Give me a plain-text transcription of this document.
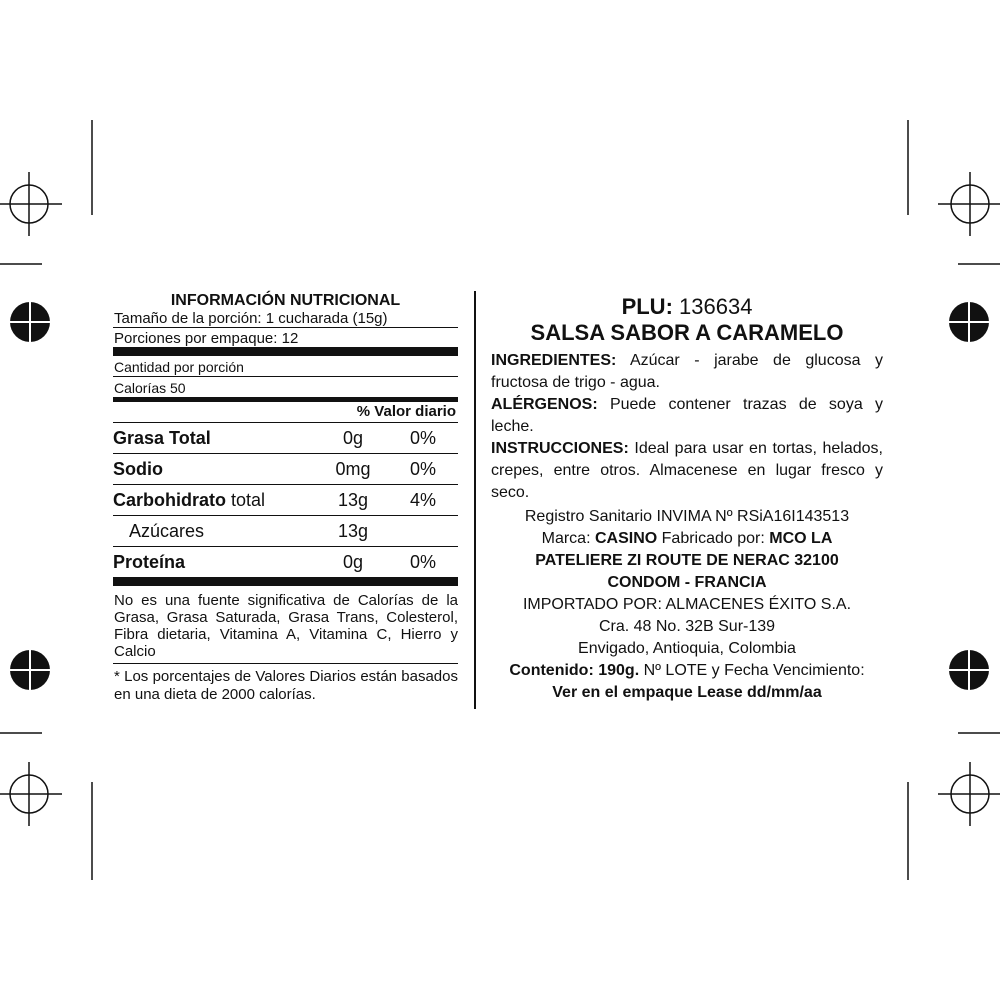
INFORMACIÓN NUTRICIONAL
Tamaño de la porción: 1 cucharada (15g)
Porciones por empaque: 12
Cantidad por porción
Calorías 50
% Valor diario
Grasa Total	0g	0%
Sodio	0mg	0%
Carbohidrato total	13g	4%
Azúcares	13g
Proteína	0g	0%
No es una fuente significativa de Calorías de la Grasa, Grasa Saturada, Grasa Trans, Colesterol, Fibra dietaria, Vitamina A, Vitamina C, Hierro y Calcio
* Los porcentajes de Valores Diarios están basados en una dieta de 2000 calorías.
PLU: 136634
SALSA SABOR A CARAMELO
INGREDIENTES: Azúcar - jarabe de glucosa y fructosa de trigo - agua.
ALÉRGENOS: Puede contener trazas de soya y leche.
INSTRUCCIONES: Ideal para usar en tortas, helados, crepes, entre otros. Almacenese en lugar fresco y seco.
Registro Sanitario INVIMA Nº RSiA16I143513
Marca: CASINO Fabricado por: MCO LA
PATELIERE ZI ROUTE DE NERAC 32100
CONDOM - FRANCIA
IMPORTADO POR: ALMACENES ÉXITO S.A.
Cra. 48 No. 32B Sur-139
Envigado, Antioquia, Colombia
Contenido: 190g. Nº LOTE y Fecha Vencimiento:
Ver en el empaque Lease dd/mm/aa
